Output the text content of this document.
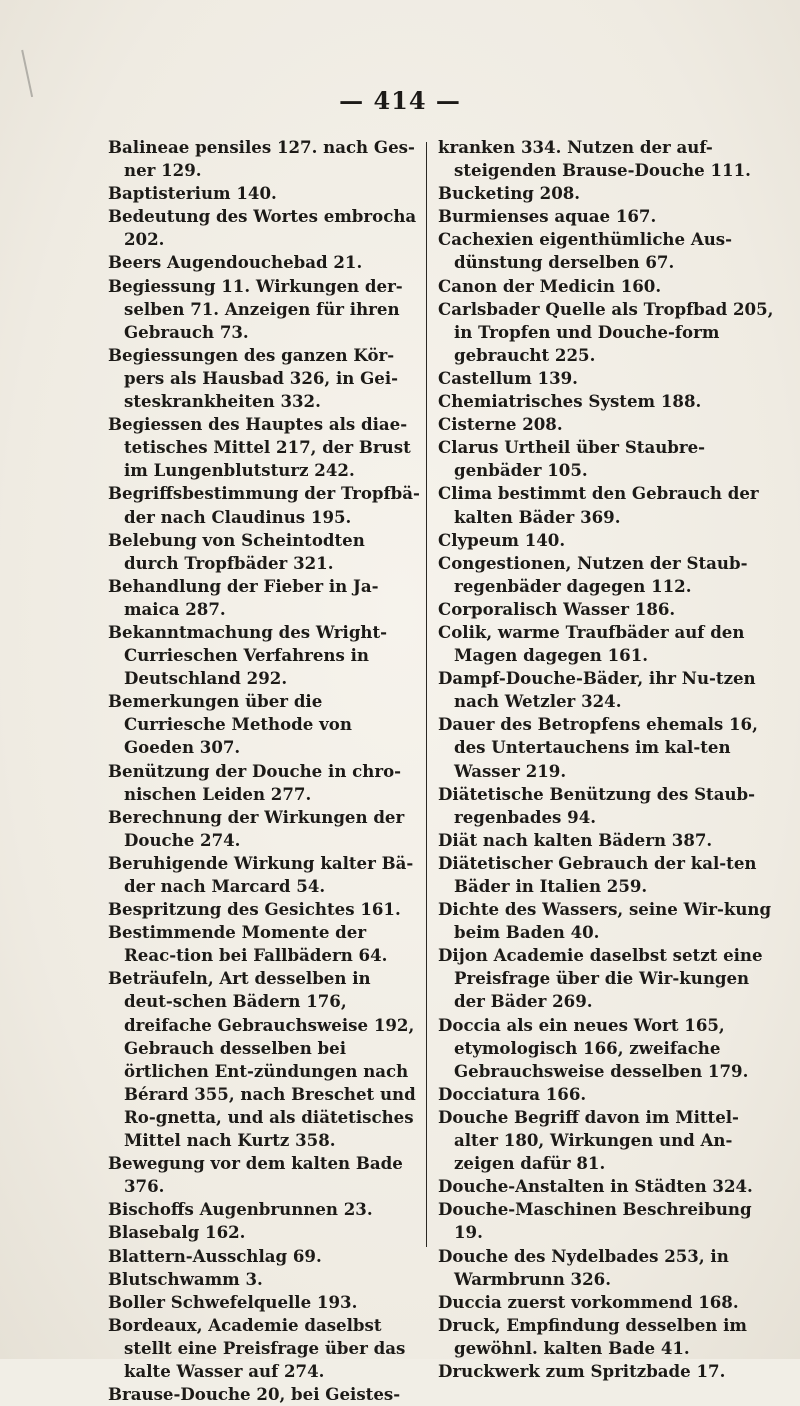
— 414 —

Balineae pensiles 127. nach Ges-ner 129.

Baptisterium 140.

Bedeutung des Wortes embrocha 202.

Beers Augendouchebad 21.

Begiessung 11. Wirkungen der-selben 71. Anzeigen für ihren Gebrauch 73.

Begiessungen des ganzen Kör-pers als Hausbad 326, in Gei-steskrankheiten 332.

Begiessen des Hauptes als diae-tetisches Mittel 217, der Brust im Lungenblutsturz 242.

Begriffsbestimmung der Tropfbä-der nach Claudinus 195.

Belebung von Scheintodten durch Tropfbäder 321.

Behandlung der Fieber in Ja-maica 287.

Bekanntmachung des Wright-Currieschen Verfahrens in Deutschland 292.

Bemerkungen über die Curriesche Methode von Goeden 307.

Benützung der Douche in chro-nischen Leiden 277.

Berechnung der Wirkungen der Douche 274.

Beruhigende Wirkung kalter Bä-der nach Marcard 54.

Bespritzung des Gesichtes 161.

Bestimmende Momente der Reac-tion bei Fallbädern 64.

Beträufeln, Art desselben in deut-schen Bädern 176, dreifache Gebrauchsweise 192, Gebrauch desselben bei örtlichen Ent-zündungen nach Bérard 355, nach Breschet und Ro-gnetta, und als diätetisches Mittel nach Kurtz 358.

Bewegung vor dem kalten Bade 376.

Bischoffs Augenbrunnen 23.

Blasebalg 162.

Blattern-Ausschlag 69.

Blutschwamm 3.

Boller Schwefelquelle 193.

Bordeaux, Academie daselbst stellt eine Preisfrage über das kalte Wasser auf 274.

Brause-Douche 20, bei Geistes-

kranken 334. Nutzen der auf-steigenden Brause-Douche 111.

Bucketing 208.

Burmienses aquae 167.

Cachexien eigenthümliche Aus-dünstung derselben 67.

Canon der Medicin 160.

Carlsbader Quelle als Tropfbad 205, in Tropfen und Douche-form gebraucht 225.

Castellum 139.

Chemiatrisches System 188.

Cisterne 208.

Clarus Urtheil über Staubre-genbäder 105.

Clima bestimmt den Gebrauch der kalten Bäder 369.

Clypeum 140.

Congestionen, Nutzen der Staub-regenbäder dagegen 112.

Corporalisch Wasser 186.

Colik, warme Traufbäder auf den Magen dagegen 161.

Dampf-Douche-Bäder, ihr Nu-tzen nach Wetzler 324.

Dauer des Betropfens ehemals 16, des Untertauchens im kal-ten Wasser 219.

Diätetische Benützung des Staub-regenbades 94.

Diät nach kalten Bädern 387.

Diätetischer Gebrauch der kal-ten Bäder in Italien 259.

Dichte des Wassers, seine Wir-kung beim Baden 40.

Dijon Academie daselbst setzt eine Preisfrage über die Wir-kungen der Bäder 269.

Doccia als ein neues Wort 165, etymologisch 166, zweifache Gebrauchsweise desselben 179.

Docciatura 166.

Douche Begriff davon im Mittel-alter 180, Wirkungen und An-zeigen dafür 81.

Douche-Anstalten in Städten 324.

Douche-Maschinen Beschreibung 19.

Douche des Nydelbades 253, in Warmbrunn 326.

Duccia zuerst vorkommend 168.

Druck, Empfindung desselben im gewöhnl. kalten Bade 41.

Druckwerk zum Spritzbade 17.
